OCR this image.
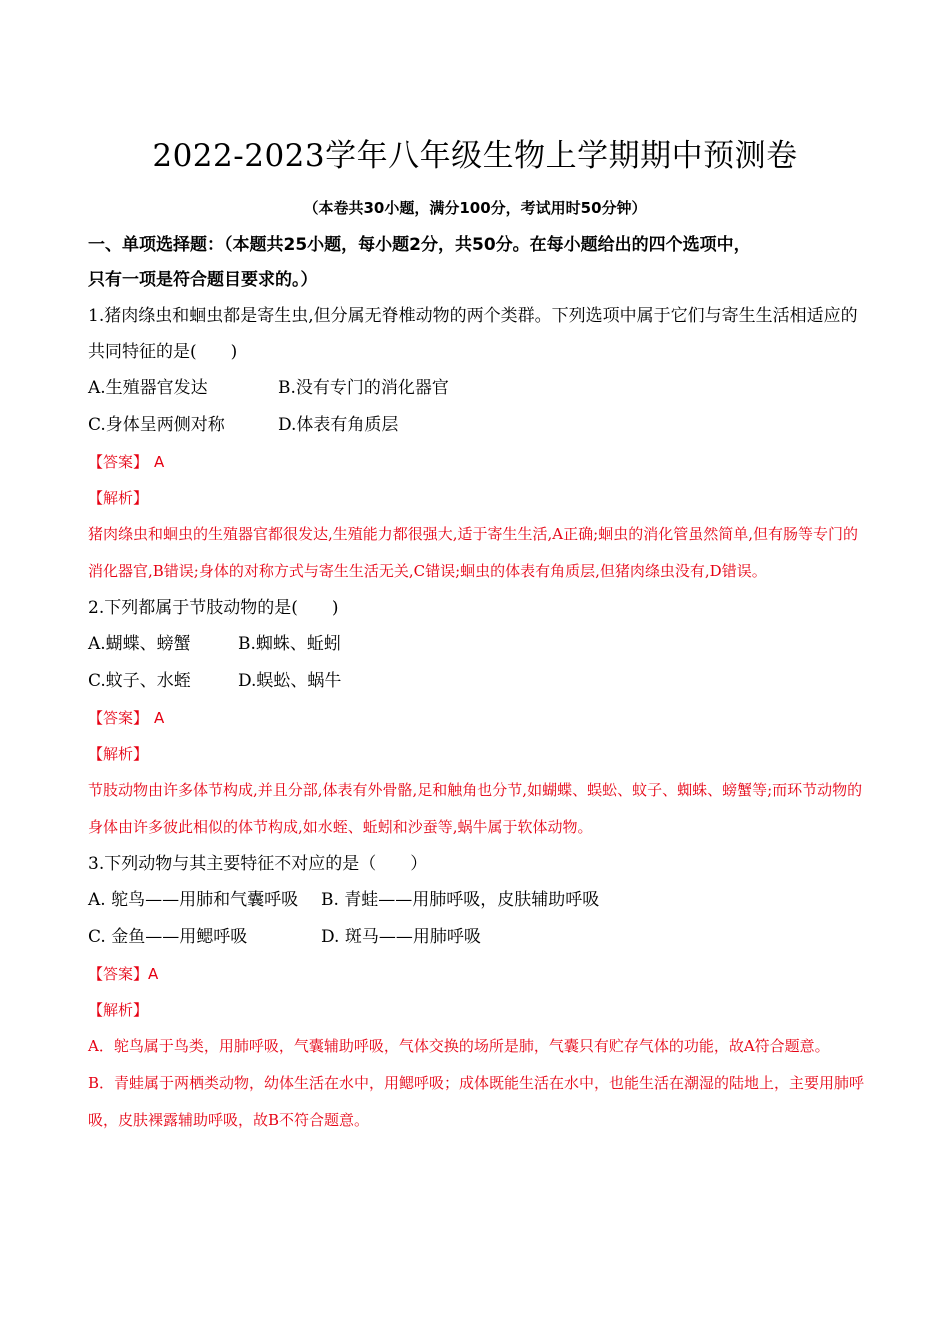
2022-2023学年八年级生物上学期期中预测卷
（本卷共30小题，满分100分，考试用时50分钟）

一、单项选择题：（本题共25小题，每小题2分，共50分。在每小题给出的四个选项中，
只有一项是符合题目要求的。）

1.猪肉绦虫和蛔虫都是寄生虫,但分属无脊椎动物的两个类群。下列选项中属于它们与寄生生活相适应的共同特征的是(　　)

A.生殖器官发达	B.没有专门的消化器官

C.身体呈两侧对称	D.体表有角质层

【答案】 A

【解析】

猪肉绦虫和蛔虫的生殖器官都很发达,生殖能力都很强大,适于寄生生活,A正确;蛔虫的消化管虽然简单,但有肠等专门的消化器官,B错误;身体的对称方式与寄生生活无关,C错误;蛔虫的体表有角质层,但猪肉绦虫没有,D错误。

2.下列都属于节肢动物的是(　　)

A.蝴蝶、螃蟹	B.蜘蛛、蚯蚓

C.蚊子、水蛭	D.蜈蚣、蜗牛

【答案】 A

【解析】

节肢动物由许多体节构成,并且分部,体表有外骨骼,足和触角也分节,如蝴蝶、蜈蚣、蚊子、蜘蛛、螃蟹等;而环节动物的身体由许多彼此相似的体节构成,如水蛭、蚯蚓和沙蚕等,蜗牛属于软体动物。

3.下列动物与其主要特征不对应的是（　　）

A. 鸵鸟——用肺和气囊呼吸 B. 青蛙——用肺呼吸，皮肤辅助呼吸

C. 金鱼——用鳃呼吸	D. 斑马——用肺呼吸

【答案】A

【解析】

A．鸵鸟属于鸟类，用肺呼吸，气囊辅助呼吸，气体交换的场所是肺，气囊只有贮存气体的功能，故A符合题意。

B．青蛙属于两栖类动物，幼体生活在水中，用鳃呼吸；成体既能生活在水中，也能生活在潮湿的陆地上，主要用肺呼吸，皮肤裸露辅助呼吸，故B不符合题意。
